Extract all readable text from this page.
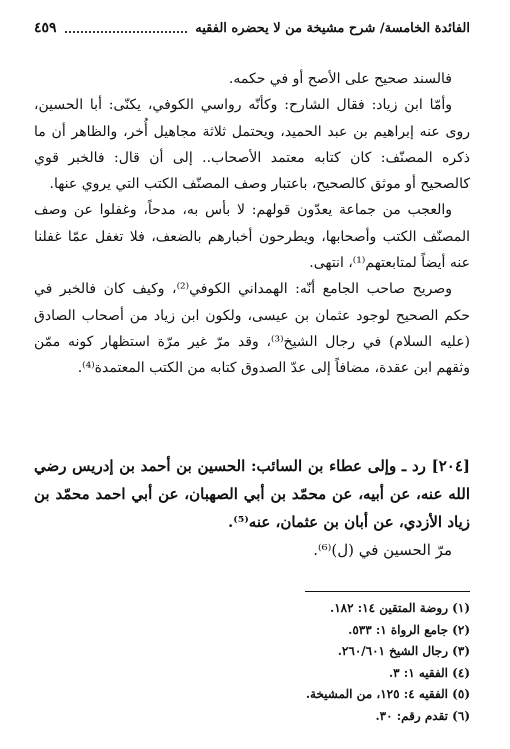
الفائدة الخامسة/ شرح مشيخة من لا يحضره الفقيه
٤٥٩

فالسند صحيح على الأصح أو في حكمه.

وأمّا ابن زياد: فقال الشارح: وكأنّه رواسي الكوفي، يكنّى: أبا الحسين، روى عنه إبراهيم بن عبد الحميد، ويحتمل ثلاثة مجاهيل أُخر، والظاهر أن ما ذكره المصنّف: كان كتابه معتمد الأصحاب.. إلى أن قال: فالخبر قوي كالصحيح أو موثق كالصحيح، باعتبار وصف المصنّف الكتب التي يروي عنها.

والعجب من جماعة يعدّون قولهم: لا بأس به، مدحاً، وغفلوا عن وصف المصنّف الكتب وأصحابها، ويطرحون أخبارهم بالضعف، فلا تغفل عمّا غفلنا عنه أيضاً لمتابعتهم⁽¹⁾، انتهى.

وصريح صاحب الجامع أنّه: الهمداني الكوفي⁽²⁾، وكيف كان فالخبر في حكم الصحيح لوجود عثمان بن عيسى، ولكون ابن زياد من أصحاب الصادق (عليه السلام) في رجال الشيخ⁽³⁾، وقد مرّ غير مرّة استظهار كونه ممّن وثقهم ابن عقدة، مضافاً إلى عدّ الصدوق كتابه من الكتب المعتمدة⁽⁴⁾.

[٢٠٤] رد ـ وإلى عطاء بن السائب: الحسين بن أحمد بن إدريس رضي الله عنه، عن أبيه، عن محمّد بن أبي الصهبان، عن أبي احمد محمّد بن زياد الأزدي، عن أبان بن عثمان، عنه⁽⁵⁾.

مرّ الحسين في (ل)⁽⁶⁾.

(١) روضة المتقين ١٤: ١٨٢.
(٢) جامع الرواة ١: ٥٣٣.
(٣) رجال الشيخ ٢٦٠/٦٠١.
(٤) الفقيه ١: ٣.
(٥) الفقيه ٤: ١٢٥، من المشيخة.
(٦) تقدم رقم: ٣٠.
